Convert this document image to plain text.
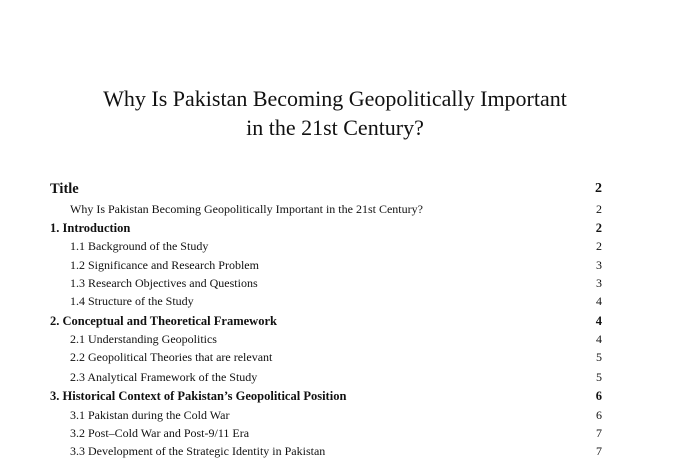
Why Is Pakistan Becoming Geopolitically Important
in the 21st Century?
Title	2
Why Is Pakistan Becoming Geopolitically Important in the 21st Century?	2
1. Introduction	2
1.1 Background of the Study	2
1.2 Significance and Research Problem	3
1.3 Research Objectives and Questions	3
1.4 Structure of the Study	4
2. Conceptual and Theoretical Framework	4
2.1 Understanding Geopolitics	4
2.2 Geopolitical Theories that are relevant	5
2.3 Analytical Framework of the Study	5
3. Historical Context of Pakistan’s Geopolitical Position	6
3.1 Pakistan during the Cold War	6
3.2 Post–Cold War and Post-9/11 Era	7
3.3 Development of the Strategic Identity in Pakistan	7
